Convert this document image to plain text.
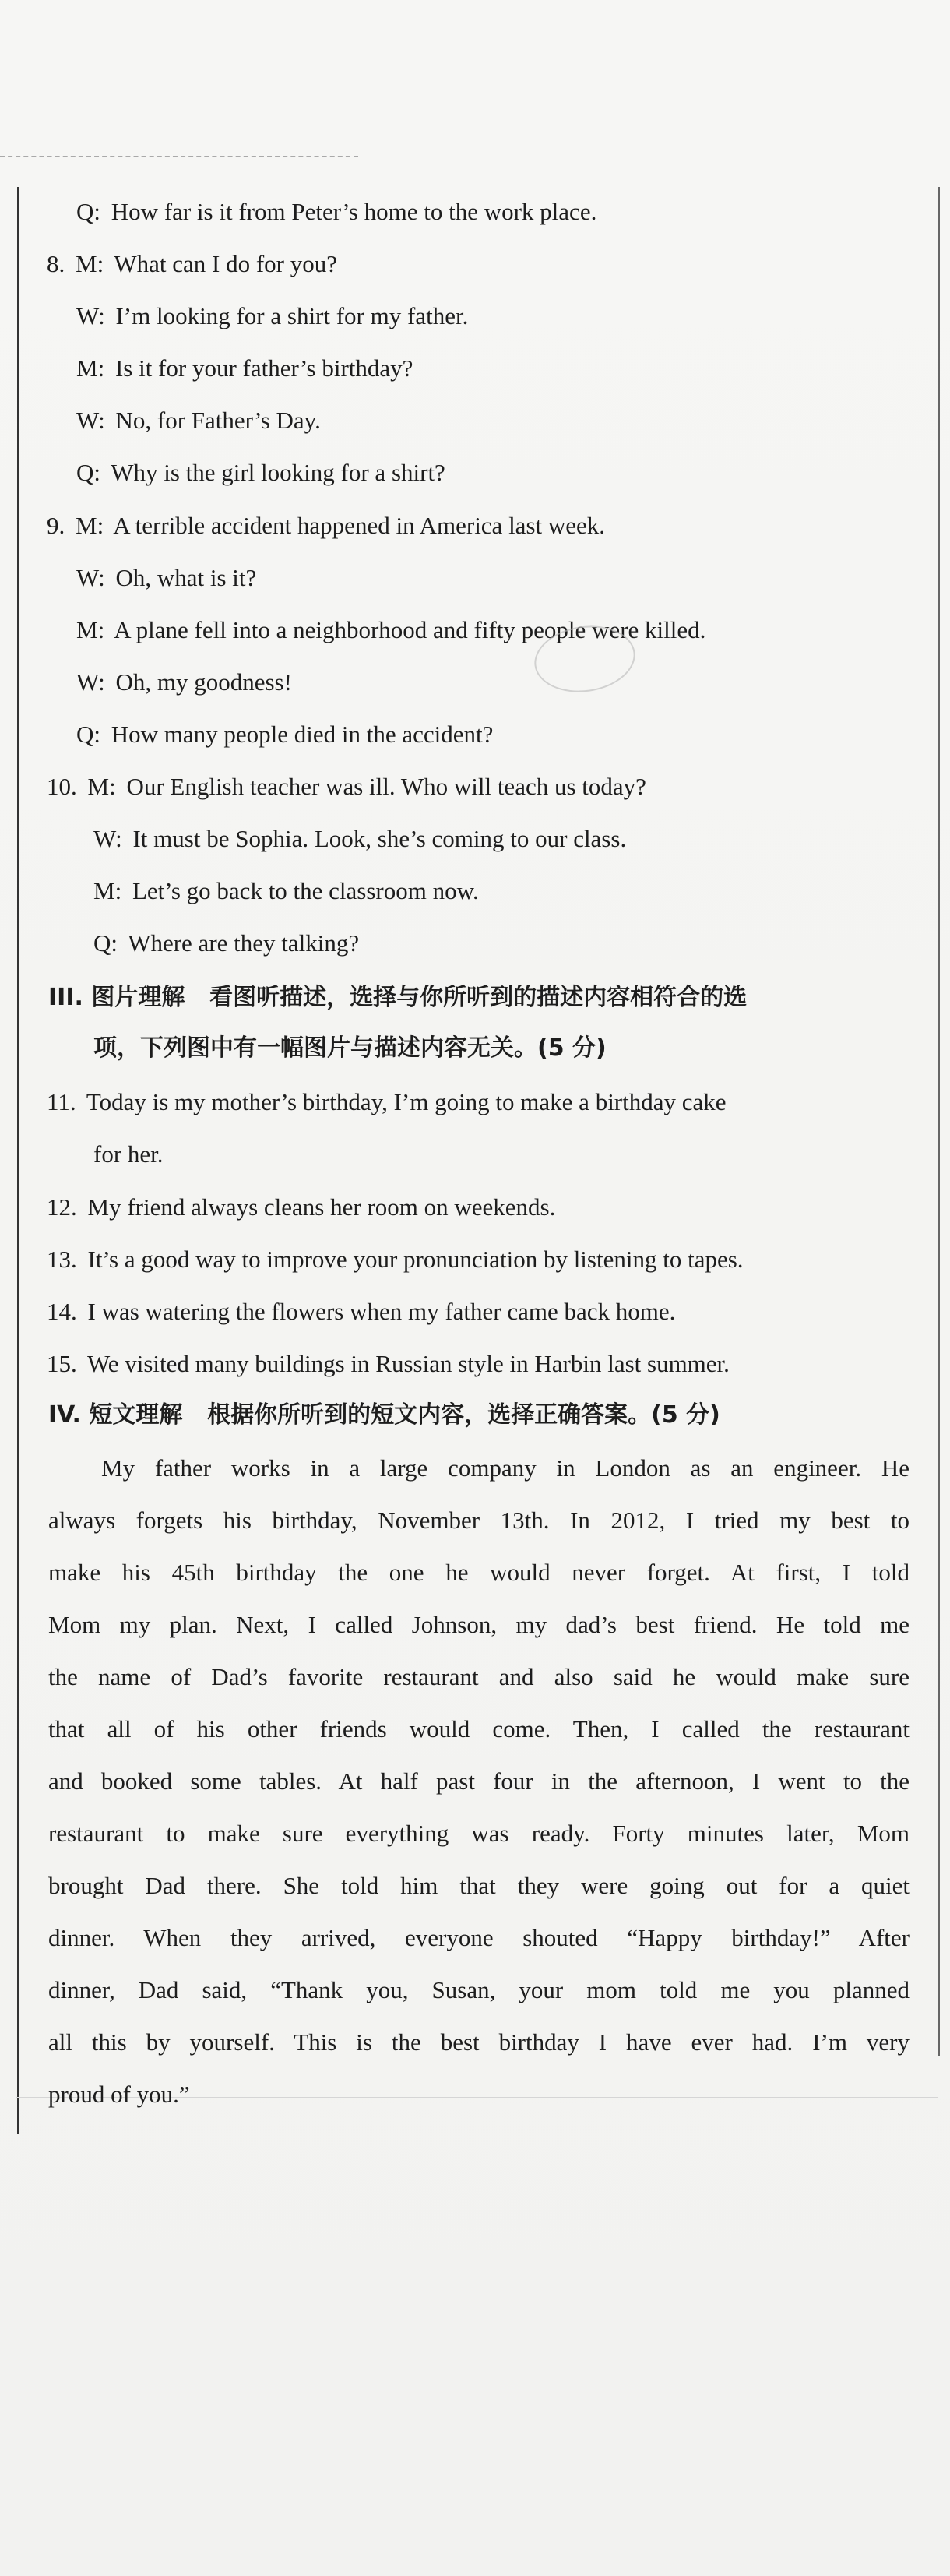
Q: How far is it from Peter’s home to the work place.
8. M: What can I do for you?
W: I’m looking for a shirt for my father.
M: Is it for your father’s birthday?
W: No, for Father’s Day.
Q: Why is the girl looking for a shirt?
9. M: A terrible accident happened in America last week.
W: Oh, what is it?
M: A plane fell into a neighborhood and fifty people were killed.
W: Oh, my goodness!
Q: How many people died in the accident?
10. M: Our English teacher was ill. Who will teach us today?
W: It must be Sophia. Look, she’s coming to our class.
M: Let’s go back to the classroom now.
Q: Where are they talking?
III. 图片理解 看图听描述，选择与你所听到的描述内容相符合的选
项，下列图中有一幅图片与描述内容无关。(5 分)
11. Today is my mother’s birthday, I’m going to make a birthday cake
for her.
12. My friend always cleans her room on weekends.
13. It’s a good way to improve your pronunciation by listening to tapes.
14. I was watering the flowers when my father came back home.
15. We visited many buildings in Russian style in Harbin last summer.
IV. 短文理解 根据你所听到的短文内容，选择正确答案。(5 分)
My father works in a large company in London as an engineer. He
always forgets his birthday, November 13th. In 2012, I tried my best to
make his 45th birthday the one he would never forget. At first, I told
Mom my plan. Next, I called Johnson, my dad’s best friend. He told me
the name of Dad’s favorite restaurant and also said he would make sure
that all of his other friends would come. Then, I called the restaurant
and booked some tables. At half past four in the afternoon, I went to the
restaurant to make sure everything was ready. Forty minutes later, Mom
brought Dad there. She told him that they were going out for a quiet
dinner. When they arrived, everyone shouted “Happy birthday!” After
dinner, Dad said, “Thank you, Susan, your mom told me you planned
all this by yourself. This is the best birthday I have ever had. I’m very
proud of you.”
